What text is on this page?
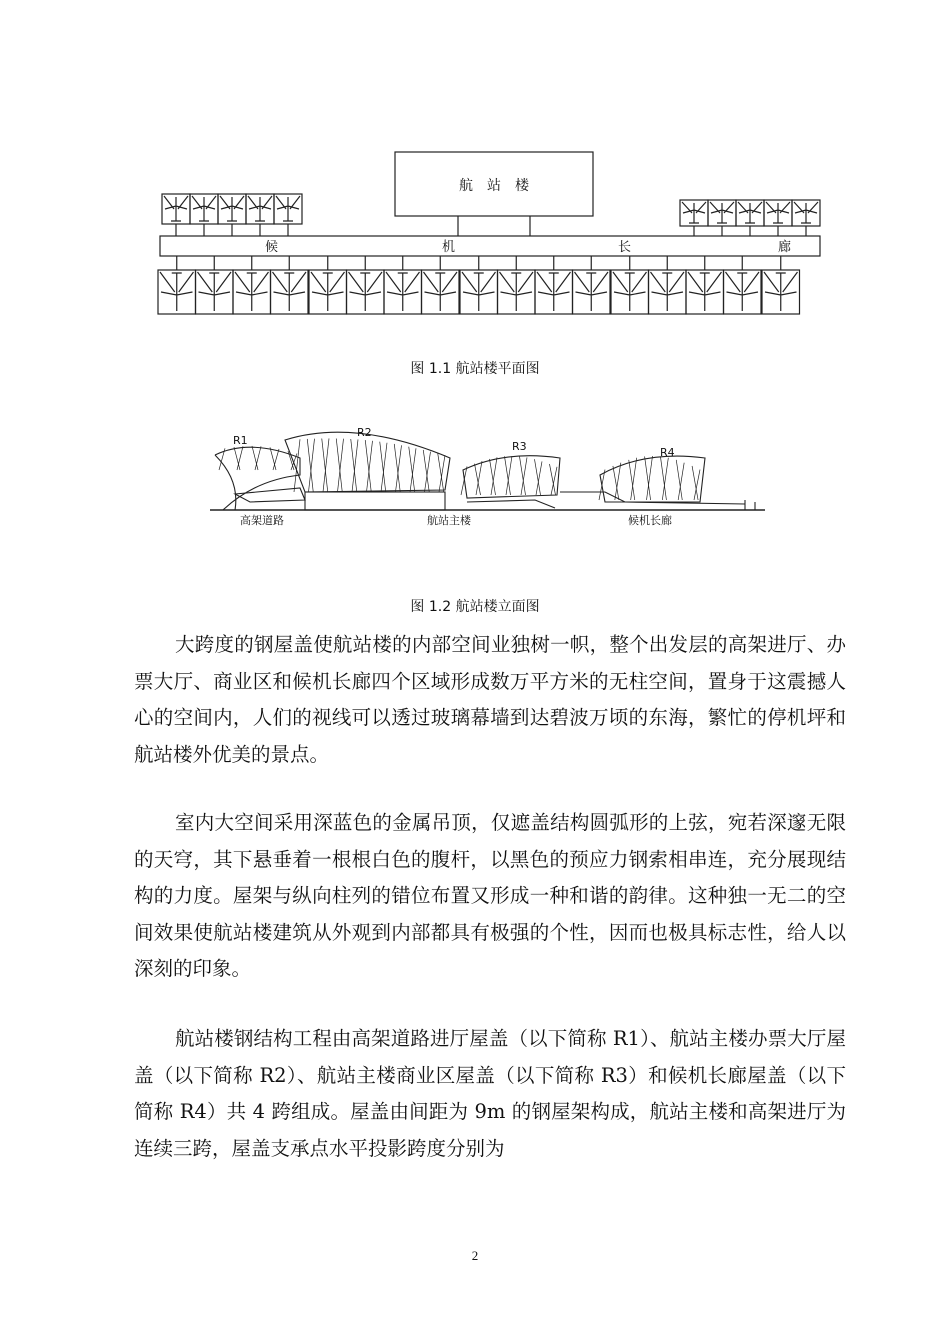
航　站　楼
候	机	长	廊
图 1.1 航站楼平面图
R1
R2
R3	R4
高架道路	航站主楼	候机长廊
图 1.2 航站楼立面图

大跨度的钢屋盖使航站楼的内部空间业独树一帜，整个出发层的高架进厅、办票大厅、商业区和候机长廊四个区域形成数万平方米的无柱空间，置身于这震撼人心的空间内，人们的视线可以透过玻璃幕墙到达碧波万顷的东海，繁忙的停机坪和航站楼外优美的景点。

室内大空间采用深蓝色的金属吊顶，仅遮盖结构圆弧形的上弦，宛若深邃无限的天穹，其下悬垂着一根根白色的腹杆，以黑色的预应力钢索相串连，充分展现结构的力度。屋架与纵向柱列的错位布置又形成一种和谐的韵律。这种独一无二的空间效果使航站楼建筑从外观到内部都具有极强的个性，因而也极具标志性，给人以深刻的印象。

航站楼钢结构工程由高架道路进厅屋盖（以下简称 R1）、航站主楼办票大厅屋盖（以下简称 R2）、航站主楼商业区屋盖（以下简称 R3）和候机长廊屋盖（以下简称 R4）共 4 跨组成。屋盖由间距为 9m 的钢屋架构成，航站主楼和高架进厅为连续三跨，屋盖支承点水平投影跨度分别为

2
